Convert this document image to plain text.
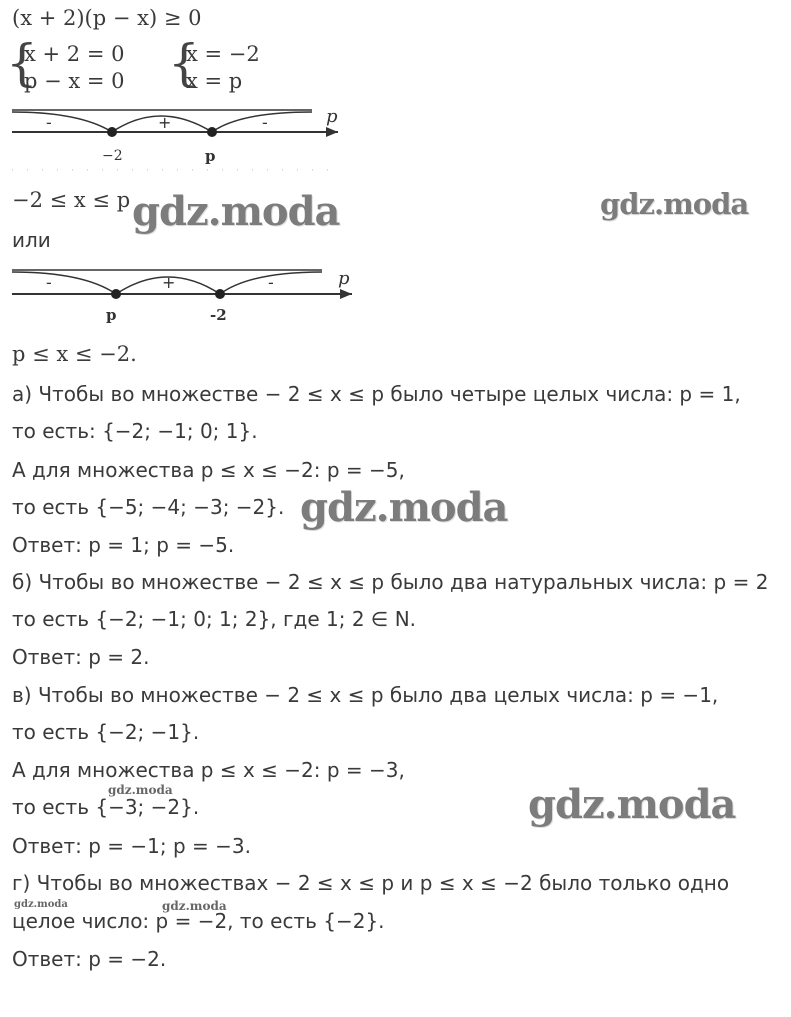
(x + 2)(p − x) ≥ 0
{
x + 2 = 0
p − x = 0 {
x = −2
x = p
-	+	-	p
−2	p
−2 ≤ x ≤ p gdz.moda	gdz.moda
или
-	+	-	p
p	-2
p ≤ x ≤ −2.
а) Чтобы во множестве − 2 ≤ x ≤ p было четыре целых числа: p = 1,
то есть: {−2; −1; 0; 1}.
А для множества p ≤ x ≤ −2: p = −5,
то есть {−5; −4; −3; −2}. gdz.moda
Ответ: p = 1; p = −5.
б) Чтобы во множестве − 2 ≤ x ≤ p было два натуральных числа: p = 2
то есть {−2; −1; 0; 1; 2}, где 1; 2 ∈ N.
Ответ: p = 2.
в) Чтобы во множестве − 2 ≤ x ≤ p было два целых числа: p = −1,
то есть {−2; −1}.
А для множества p ≤ x ≤ −2: p = −3,
gdz.moda
то есть {−3; −2}.	gdz.moda
Ответ: p = −1; p = −3.
г) Чтобы во множествах − 2 ≤ x ≤ p и p ≤ x ≤ −2 было только одно
gdz.moda	gdz.moda
целое число: p = −2, то есть {−2}.
Ответ: p = −2.
